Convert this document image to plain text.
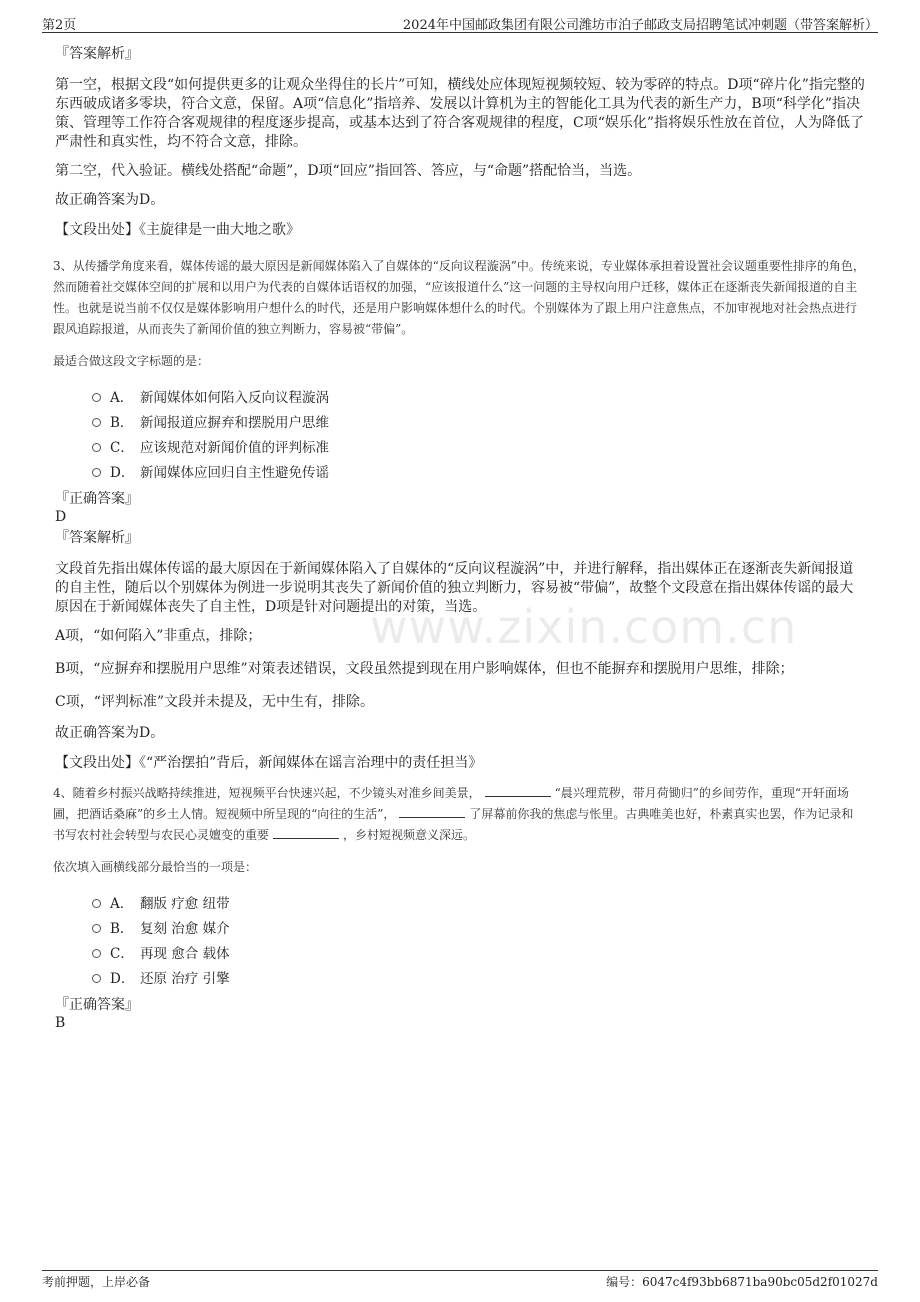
第2页	2024年中国邮政集团有限公司潍坊市泊子邮政支局招聘笔试冲刺题（带答案解析）
www.zixin.com.cn

『答案解析』

第一空，根据文段“如何提供更多的让观众坐得住的长片”可知，横线处应体现短视频较短、较为零碎的特点。D项“碎片化”指完整的东西破成诸多零块，符合文意，保留。A项“信息化”指培养、发展以计算机为主的智能化工具为代表的新生产力，B项“科学化”指决策、管理等工作符合客观规律的程度逐步提高，或基本达到了符合客观规律的程度，C项“娱乐化”指将娱乐性放在首位，人为降低了严肃性和真实性，均不符合文意，排除。

第二空，代入验证。横线处搭配“命题”，D项“回应”指回答、答应，与“命题”搭配恰当，当选。

故正确答案为D。

【文段出处】《主旋律是一曲大地之歌》

3、从传播学角度来看，媒体传谣的最大原因是新闻媒体陷入了自媒体的“反向议程漩涡”中。传统来说，专业媒体承担着设置社会议题重要性排序的角色，然而随着社交媒体空间的扩展和以用户为代表的自媒体话语权的加强，“应该报道什么”这一问题的主导权向用户迁移，媒体正在逐渐丧失新闻报道的自主性。也就是说当前不仅仅是媒体影响用户想什么的时代，还是用户影响媒体想什么的时代。个别媒体为了跟上用户注意焦点，不加审视地对社会热点进行跟风追踪报道，从而丧失了新闻价值的独立判断力，容易被“带偏”。

最适合做这段文字标题的是：

A． 新闻媒体如何陷入反向议程漩涡
B． 新闻报道应摒弃和摆脱用户思维
C． 应该规范对新闻价值的评判标准
D． 新闻媒体应回归自主性避免传谣

『正确答案』

D

『答案解析』

文段首先指出媒体传谣的最大原因在于新闻媒体陷入了自媒体的“反向议程漩涡”中，并进行解释，指出媒体正在逐渐丧失新闻报道的自主性，随后以个别媒体为例进一步说明其丧失了新闻价值的独立判断力，容易被“带偏”，故整个文段意在指出媒体传谣的最大原因在于新闻媒体丧失了自主性，D项是针对问题提出的对策，当选。

A项，“如何陷入”非重点，排除；

B项，“应摒弃和摆脱用户思维”对策表述错误，文段虽然提到现在用户影响媒体，但也不能摒弃和摆脱用户思维，排除；

C项，“评判标准”文段并未提及，无中生有，排除。

故正确答案为D。

【文段出处】《“严治摆拍”背后，新闻媒体在谣言治理中的责任担当》

4、随着乡村振兴战略持续推进，短视频平台快速兴起，不少镜头对准乡间美景，	“晨兴理荒秽，带月荷锄归”的乡间劳作，重现“开轩面场圃，把酒话桑麻”的乡土人情。短视频中所呈现的“向往的生活”，	了屏幕前你我的焦虑与怅里。古典唯美也好，朴素真实也罢，作为记录和书写农村社会转型与农民心灵嬗变的重要	，乡村短视频意义深远。

依次填入画横线部分最恰当的一项是：

A． 翻版 疗愈 纽带
B． 复刻 治愈 媒介
C． 再现 愈合 载体
D． 还原 治疗 引擎

『正确答案』

B

考前押题，上岸必备	编号：6047c4f93bb6871ba90bc05d2f01027d
